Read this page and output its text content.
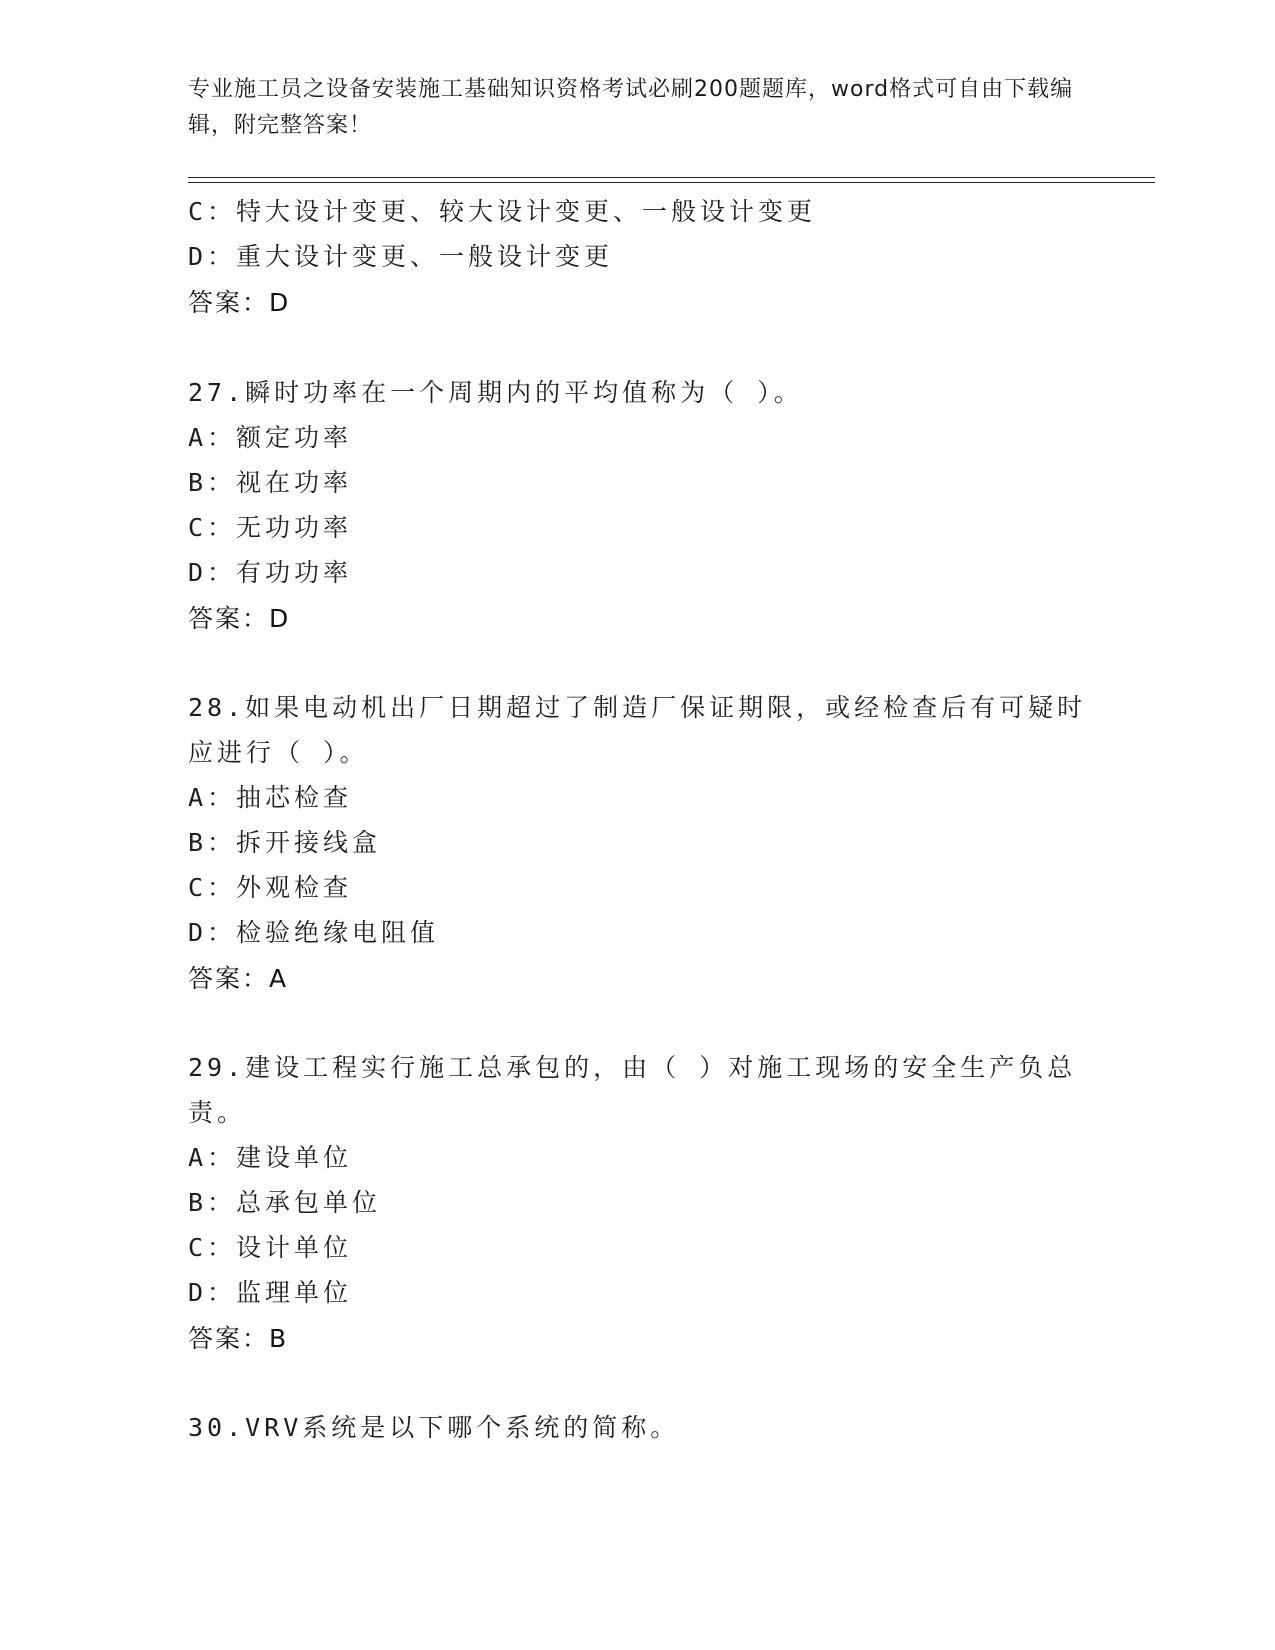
专业施工员之设备安装施工基础知识资格考试必刷200题题库，word格式可自由下载编辑，附完整答案！
C：特大设计变更、较大设计变更、一般设计变更
D：重大设计变更、一般设计变更
答案：D
27.瞬时功率在一个周期内的平均值称为（ ）。
A：额定功率
B：视在功率
C：无功功率
D：有功功率
答案：D
28.如果电动机出厂日期超过了制造厂保证期限，或经检查后有可疑时
应进行（ ）。
A：抽芯检查
B：拆开接线盒
C：外观检查
D：检验绝缘电阻值
答案：A
29.建设工程实行施工总承包的，由（ ）对施工现场的安全生产负总
责。
A：建设单位
B：总承包单位
C：设计单位
D：监理单位
答案：B
30.VRV系统是以下哪个系统的简称。
